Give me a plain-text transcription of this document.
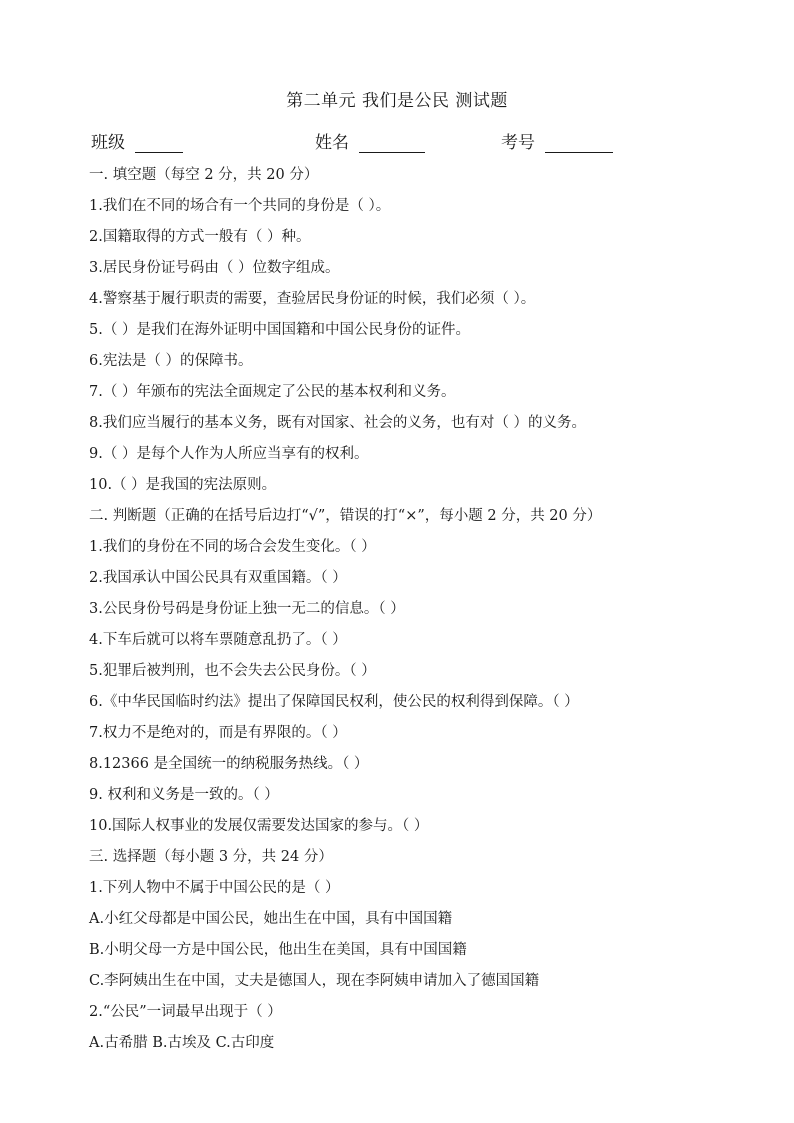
第二单元 我们是公民 测试题
班级	姓名	考号
一. 填空题（每空 2 分，共 20 分）
1.我们在不同的场合有一个共同的身份是（ ）。
2.国籍取得的方式一般有（ ）种。
3.居民身份证号码由（ ）位数字组成。
4.警察基于履行职责的需要，查验居民身份证的时候，我们必须（ ）。
5.（ ）是我们在海外证明中国国籍和中国公民身份的证件。
6.宪法是（ ）的保障书。
7.（ ）年颁布的宪法全面规定了公民的基本权利和义务。
8.我们应当履行的基本义务，既有对国家、社会的义务，也有对（ ）的义务。
9.（ ）是每个人作为人所应当享有的权利。
10.（ ）是我国的宪法原则。
二. 判断题（正确的在括号后边打“√”，错误的打“×”，每小题 2 分，共 20 分）
1.我们的身份在不同的场合会发生变化。（ ）
2.我国承认中国公民具有双重国籍。（ ）
3.公民身份号码是身份证上独一无二的信息。（ ）
4.下车后就可以将车票随意乱扔了。（ ）
5.犯罪后被判刑，也不会失去公民身份。（ ）
6.《中华民国临时约法》提出了保障国民权利，使公民的权利得到保障。（ ）
7.权力不是绝对的，而是有界限的。（ ）
8.12366 是全国统一的纳税服务热线。（ ）
9. 权利和义务是一致的。（ ）
10.国际人权事业的发展仅需要发达国家的参与。（ ）
三. 选择题（每小题 3 分，共 24 分）
1.下列人物中不属于中国公民的是（ ）
A.小红父母都是中国公民，她出生在中国，具有中国国籍
B.小明父母一方是中国公民，他出生在美国，具有中国国籍
C.李阿姨出生在中国，丈夫是德国人，现在李阿姨申请加入了德国国籍
2.“公民”一词最早出现于（ ）
A.古希腊 B.古埃及 C.古印度
